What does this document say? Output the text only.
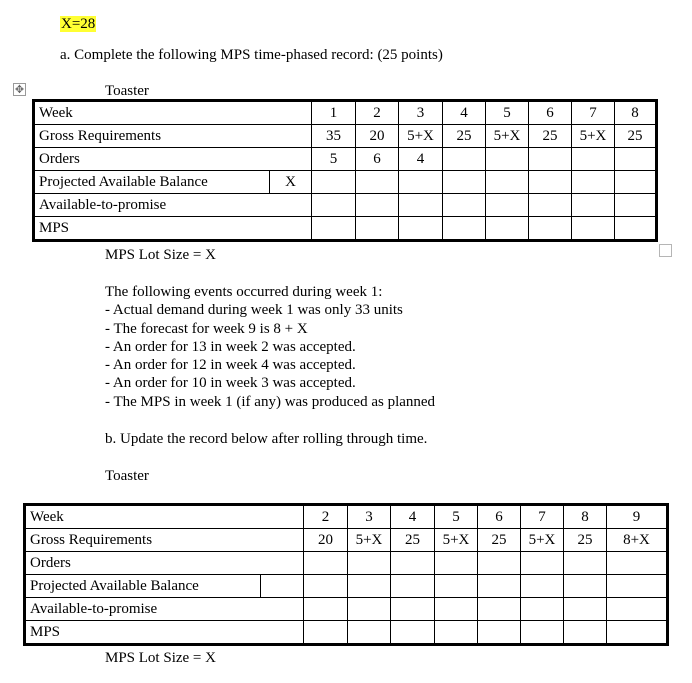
X=28
a. Complete the following MPS time-phased record: (25 points)
✥	Toaster
Week		1	2	3	4	5	6	7	8
Gross Requirements		35	20	5+X	25	5+X	25	5+X	25
Orders		5	6	4					
Projected Available Balance	X								
Available-to-promise									
MPS									
MPS Lot Size = X
The following events occurred during week 1:
- Actual demand during week 1 was only 33 units
- The forecast for week 9 is 8 + X
- An order for 13 in week 2 was accepted.
- An order for 12 in week 4 was accepted.
- An order for 10 in week 3 was accepted.
- The MPS in week 1 (if any) was produced as planned
b. Update the record below after rolling through time.
Toaster
Week		2	3	4	5	6	7	8	9
Gross Requirements		20	5+X	25	5+X	25	5+X	25	8+X
Orders									
Projected Available Balance									
Available-to-promise									
MPS									
MPS Lot Size = X
